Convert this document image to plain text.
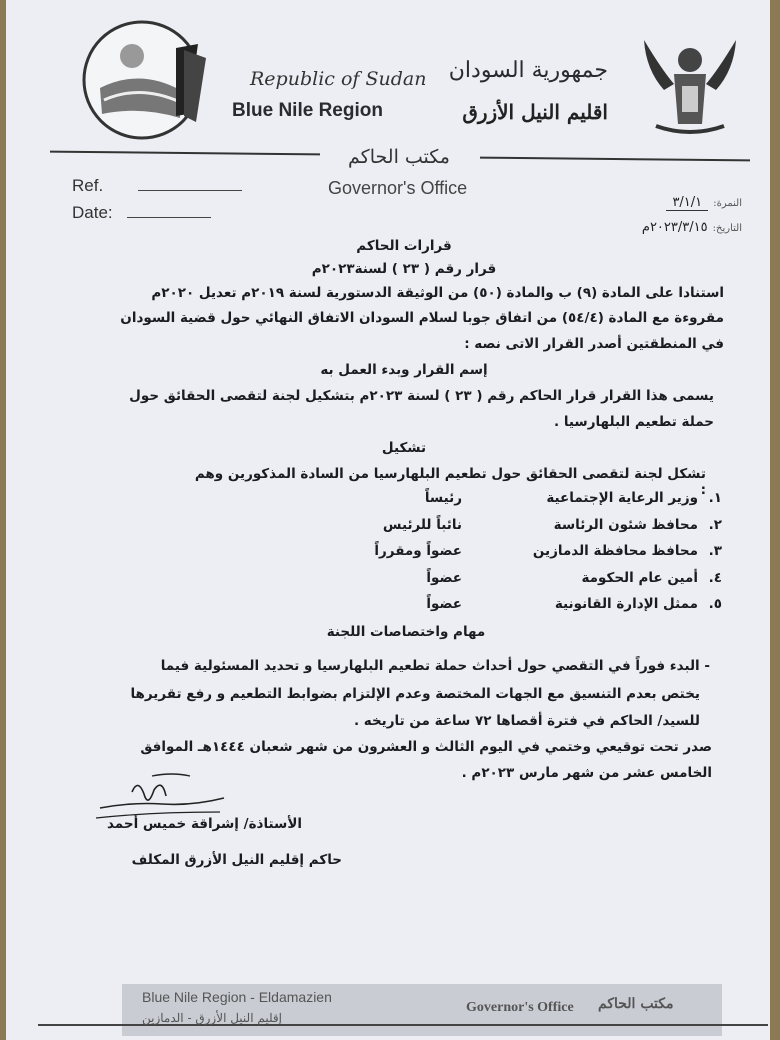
Republic of Sudan
Blue Nile Region
جمهورية السودان
اقليم النيل الأزرق
مكتب الحاكم
Governor's Office
Ref.
Date:	النمرة: ٣/١/١
التاريخ: ٢٠٢٣/٣/١٥م
قرارات الحاكم
قرار رقم ( ٢٣ ) لسنة٢٠٢٣م
استنادا على المادة (٩) ب والمادة (٥٠) من الوثيقة الدستورية لسنة ٢٠١٩م تعديل ٢٠٢٠م
مقروءة مع المادة (٥٤/٤) من اتفاق جوبا لسلام السودان الاتفاق النهائي حول قضية السودان
في المنطقتين أصدر القرار الاتى نصه :
إسم القرار وبدء العمل به
يسمى هذا القرار قرار الحاكم رقم ( ٢٣ ) لسنة ٢٠٢٣م بتشكيل لجنة لتقصى الحقائق حول
حملة تطعيم البلهارسيا .
تشكيل
تشكل لجنة لتقصى الحقائق حول تطعيم البلهارسيا من السادة المذكورين وهم : ١.
وزير الرعاية الإجتماعية
رئيساً
٢.
محافظ شئون الرئاسة
نائباً للرئيس
٣.
محافظ محافظة الدمازين
عضواً ومقرراً
٤.
أمين عام الحكومة
عضواً
٥.
ممثل الإدارة القانونية
عضواً
مهام واختصاصات اللجنة
- البدء فوراً في التقصي حول أحداث حملة تطعيم البلهارسيا و تحديد المسئولية فيما
يختص بعدم التنسيق مع الجهات المختصة وعدم الإلتزام بضوابط التطعيم و رفع تقريرها
للسيد/ الحاكم في فترة أقصاها ٧٢ ساعة من تاريخه .
صدر تحت توقيعي وختمي في اليوم الثالث و العشرون من شهر شعبان ١٤٤٤هـ الموافق
الخامس عشر من شهر مارس ٢٠٢٣م .
الأستاذة/ إشراقة خميس أحمد
حاكم إقليم النيل الأزرق المكلف
Blue Nile Region - Eldamazien
إقليم النيل الأزرق - الدمازين
Governor's Office مكتب الحاكم
